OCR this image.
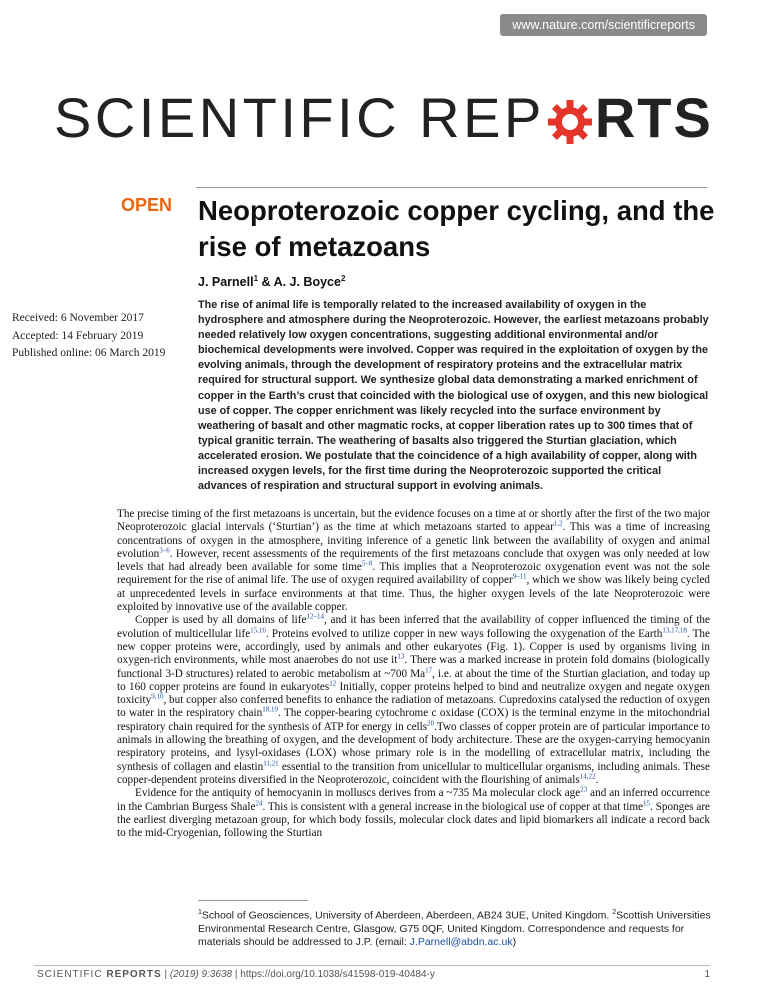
www.nature.com/scientificreports
SCIENTIFIC REP RTS
OPEN Neoproterozoic copper cycling, and the rise of metazoans
J. Parnell$^1$ & A. J. Boyce$^2$
Received: 6 November 2017
Accepted: 14 February 2019
Published online: 06 March 2019

The rise of animal life is temporally related to the increased availability of oxygen in the hydrosphere and atmosphere during the Neoproterozoic. However, the earliest metazoans probably needed relatively low oxygen concentrations, suggesting additional environmental and/or biochemical developments were involved. Copper was required in the exploitation of oxygen by the evolving animals, through the development of respiratory proteins and the extracellular matrix required for structural support. We synthesize global data demonstrating a marked enrichment of copper in the Earth’s crust that coincided with the biological use of oxygen, and this new biological use of copper. The copper enrichment was likely recycled into the surface environment by weathering of basalt and other magmatic rocks, at copper liberation rates up to 300 times that of typical granitic terrain. The weathering of basalts also triggered the Sturtian glaciation, which accelerated erosion. We postulate that the coincidence of a high availability of copper, along with increased oxygen levels, for the first time during the Neoproterozoic supported the critical advances of respiration and structural support in evolving animals.

The precise timing of the first metazoans is uncertain, but the evidence focuses on a time at or shortly after the first of the two major Neoproterozoic glacial intervals (‘Sturtian’) as the time at which metazoans started to appear$^{1,2}$. This was a time of increasing concentrations of oxygen in the atmosphere, inviting inference of a genetic link between the availability of oxygen and animal evolution$^{3-6}$. However, recent assessments of the requirements of the first metazoans conclude that oxygen was only needed at low levels that had already been available for some time$^{5-8}$. This implies that a Neoproterozoic oxygenation event was not the sole requirement for the rise of animal life. The use of oxygen required availability of copper$^{9-11}$, which we show was likely being cycled at unprecedented levels in surface environments at that time. Thus, the higher oxygen levels of the late Neoproterozoic were exploited by innovative use of the available copper.

Copper is used by all domains of life$^{12-14}$, and it has been inferred that the availability of copper influenced the timing of the evolution of multicellular life$^{15,16}$. Proteins evolved to utilize copper in new ways following the oxygenation of the Earth$^{13,17,18}$. The new copper proteins were, accordingly, used by animals and other eukaryotes (Fig. 1). Copper is used by organisms living in oxygen-rich environments, while most anaerobes do not use $it^{13}$. There was a marked increase in protein fold domains (biologically functional 3-D structures) related to aerobic metabolism at ~700 Ma$^{17}$, i.e. at about the time of the Sturtian glaciation, and today up to 160 copper proteins are found in eukaryotes$^{12}$ Initially, copper proteins helped to bind and neutralize oxygen and negate oxygen toxicity$^{9,10}$, but copper also conferred benefits to enhance the radiation of metazoans. Cupredoxins catalysed the reduction of oxygen to water in the respiratory chain$^{18,19}$. The copper-bearing cytochrome c oxidase (COX) is the terminal enzyme in the mitochondrial respiratory chain required for the synthesis of ATP for energy in cells$^{20}$.Two classes of copper protein are of particular importance to animals in allowing the breathing of oxygen, and the development of body architecture. These are the oxygen-carrying hemocyanin respiratory proteins, and lysyl-oxidases (LOX) whose primary role is in the modelling of extracellular matrix, including the synthesis of collagen and elastin$^{11,21}$ essential to the transition from unicellular to multicellular organisms, including animals. These copper-dependent proteins diversified in the Neoproterozoic, coincident with the flourishing of animals$^{14,22}$.

Evidence for the antiquity of hemocyanin in molluscs derives from a ~735 Ma molecular clock age$^{23}$ and an inferred occurrence in the Cambrian Burgess Shale$^{24}$. This is consistent with a general increase in the biological use of copper at that time$^{15}$. Sponges are the earliest diverging metazoan group, for which body fossils, molecular clock dates and lipid biomarkers all indicate a record back to the mid-Cryogenian, following the Sturtian

$^1$School of Geosciences, University of Aberdeen, Aberdeen, AB24 3UE, United Kingdom. $^2$Scottish Universities Environmental Research Centre, Glasgow, G75 0QF, United Kingdom. Correspondence and requests for materials should be addressed to J.P. (email: J.Parnell@abdn.ac.uk)
SCIENTIFIC REPORTS | (2019) 9:3638 | https://doi.org/10.1038/s41598-019-40484-y	1
